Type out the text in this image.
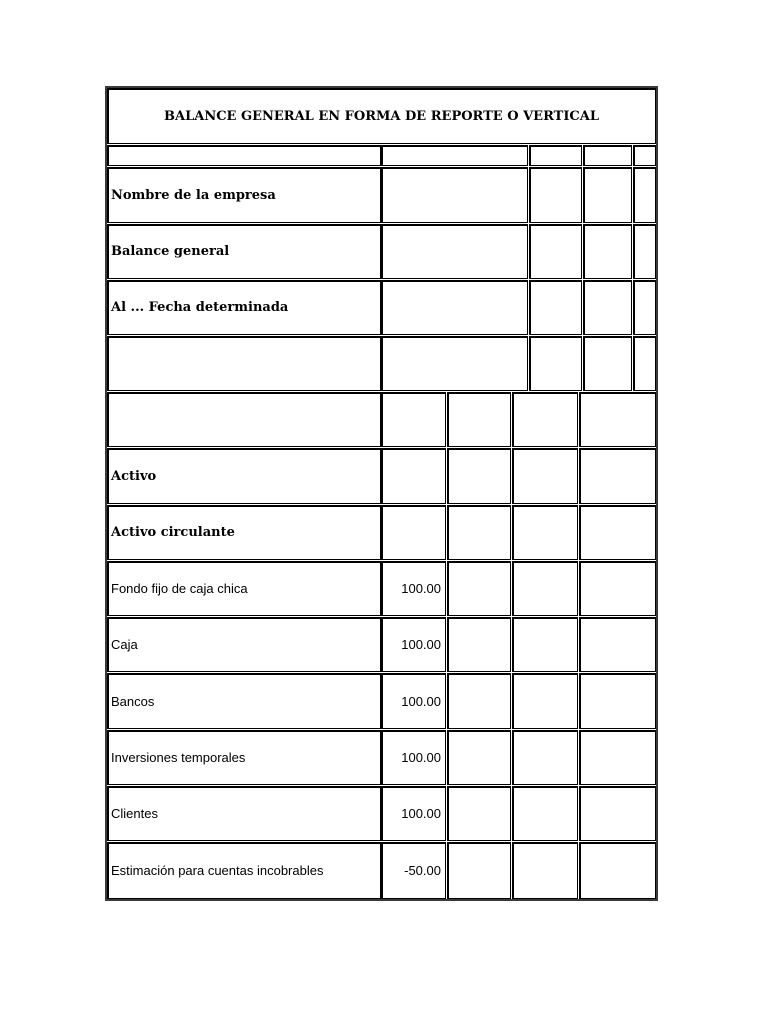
BALANCE GENERAL EN FORMA DE REPORTE O VERTICAL
Nombre de la empresa
Balance general
Al ... Fecha determinada
Activo
Activo circulante
Fondo fijo de caja chica	100.00
Caja	100.00
Bancos	100.00
Inversiones temporales	100.00
Clientes	100.00
Estimación para cuentas incobrables	-50.00
